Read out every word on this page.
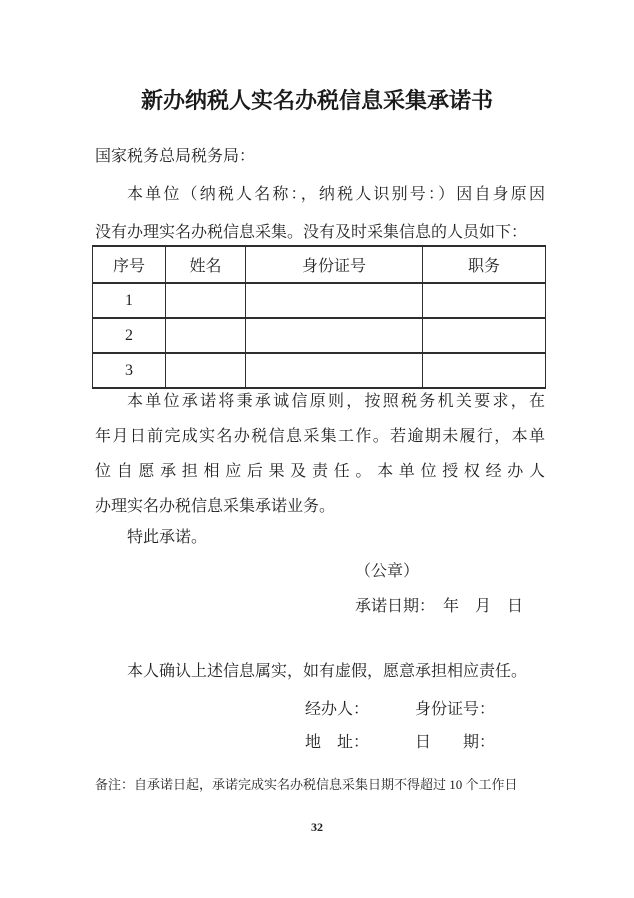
新办纳税人实名办税信息采集承诺书
国家税务总局税务局：
本单位（纳税人名称：，纳税人识别号：）因自身原因
没有办理实名办税信息采集。没有及时采集信息的人员如下：
序号	姓名	身份证号	职务
1			
2			
3			
本单位承诺将秉承诚信原则，按照税务机关要求，在
年月日前完成实名办税信息采集工作。若逾期未履行，本单
位自愿承担相应后果及责任。本单位授权经办人
办理实名办税信息采集承诺业务。
特此承诺。
（公章）
承诺日期：　年　月　日
本人确认上述信息属实，如有虚假，愿意承担相应责任。
经办人：	身份证号：
地　址：	日　　期：
备注：自承诺日起，承诺完成实名办税信息采集日期不得超过 10 个工作日
32
